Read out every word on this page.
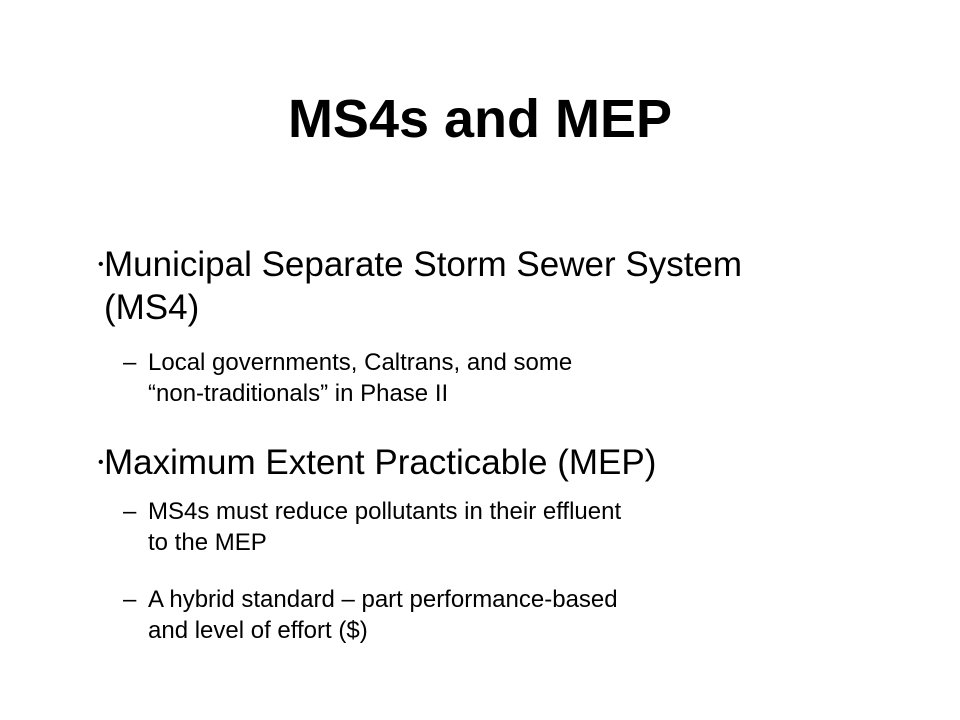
MS4s and MEP
• Municipal Separate Storm Sewer System
(MS4)
– Local governments, Caltrans, and some
“non-traditionals” in Phase II
• Maximum Extent Practicable (MEP)
– MS4s must reduce pollutants in their effluent
to the MEP
– A hybrid standard – part performance-based
and level of effort ($)
